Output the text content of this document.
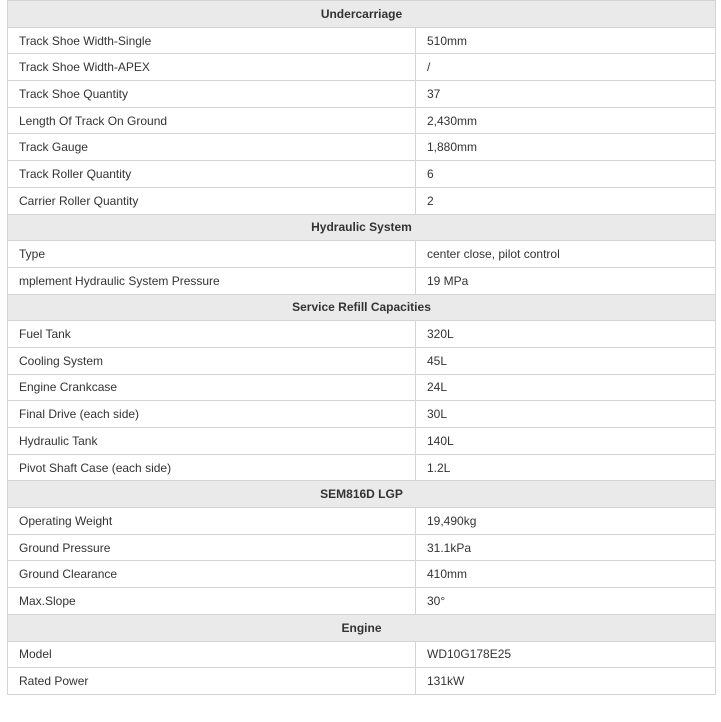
Undercarriage	
Track Shoe Width-Single	510mm
Track Shoe Width-APEX	/
Track Shoe Quantity	37
Length Of Track On Ground	2,430mm
Track Gauge	1,880mm
Track Roller Quantity	6
Carrier Roller Quantity	2
Hydraulic System	
Type	center close, pilot control
mplement Hydraulic System Pressure	19 MPa
Service Refill Capacities	
Fuel Tank	320L
Cooling System	45L
Engine Crankcase	24L
Final Drive (each side)	30L
Hydraulic Tank	140L
Pivot Shaft Case (each side)	1.2L
SEM816D LGP	
Operating Weight	19,490kg
Ground Pressure	31.1kPa
Ground Clearance	410mm
Max.Slope	30°
Engine	
Model	WD10G178E25
Rated Power	131kW
